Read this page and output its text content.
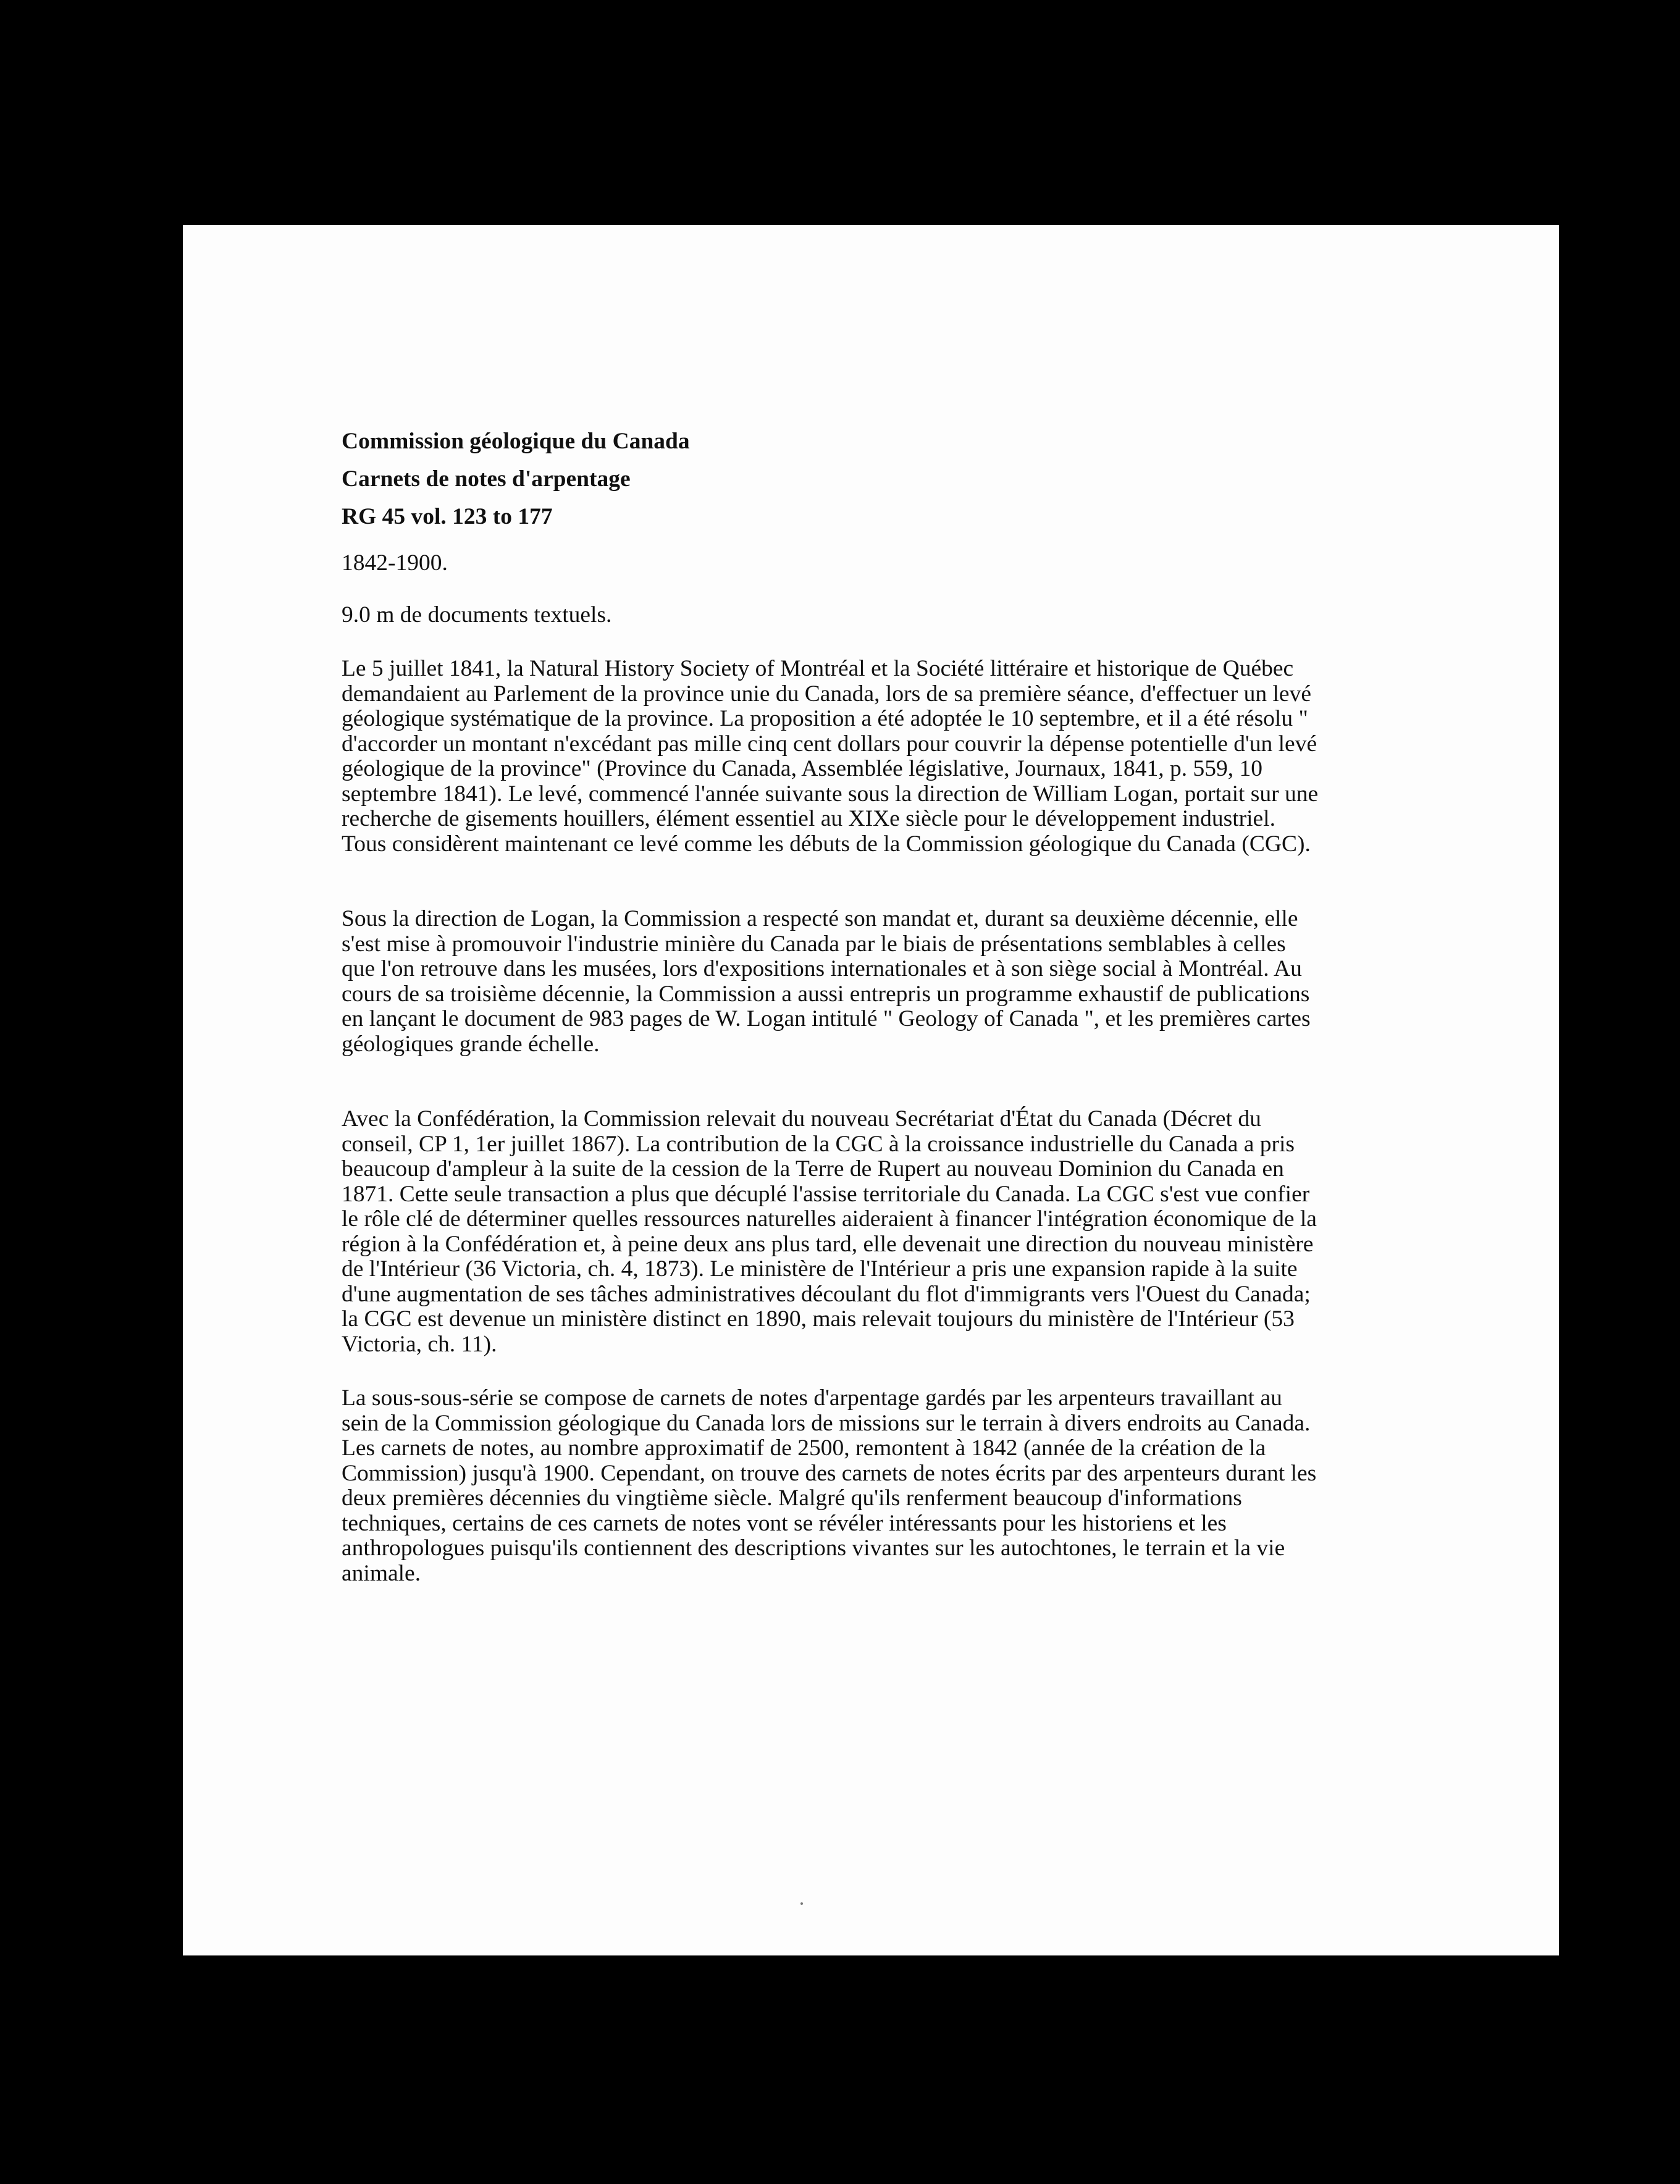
Commission géologique du Canada
Carnets de notes d'arpentage
RG 45 vol. 123 to 177
1842-1900.
9.0 m de documents textuels.
Le 5 juillet 1841, la Natural History Society of Montréal et la Société littéraire et historique de Québec
demandaient au Parlement de la province unie du Canada, lors de sa première séance, d'effectuer un levé
géologique systématique de la province. La proposition a été adoptée le 10 septembre, et il a été résolu "
d'accorder un montant n'excédant pas mille cinq cent dollars pour couvrir la dépense potentielle d'un levé
géologique de la province" (Province du Canada, Assemblée législative, Journaux, 1841, p. 559, 10
septembre 1841). Le levé, commencé l'année suivante sous la direction de William Logan, portait sur une
recherche de gisements houillers, élément essentiel au XIXe siècle pour le développement industriel.
Tous considèrent maintenant ce levé comme les débuts de la Commission géologique du Canada (CGC).
Sous la direction de Logan, la Commission a respecté son mandat et, durant sa deuxième décennie, elle
s'est mise à promouvoir l'industrie minière du Canada par le biais de présentations semblables à celles
que l'on retrouve dans les musées, lors d'expositions internationales et à son siège social à Montréal. Au
cours de sa troisième décennie, la Commission a aussi entrepris un programme exhaustif de publications
en lançant le document de 983 pages de W. Logan intitulé " Geology of Canada ", et les premières cartes
géologiques grande échelle.
Avec la Confédération, la Commission relevait du nouveau Secrétariat d'État du Canada (Décret du
conseil, CP 1, 1er juillet 1867). La contribution de la CGC à la croissance industrielle du Canada a pris
beaucoup d'ampleur à la suite de la cession de la Terre de Rupert au nouveau Dominion du Canada en
1871. Cette seule transaction a plus que décuplé l'assise territoriale du Canada. La CGC s'est vue confier
le rôle clé de déterminer quelles ressources naturelles aideraient à financer l'intégration économique de la
région à la Confédération et, à peine deux ans plus tard, elle devenait une direction du nouveau ministère
de l'Intérieur (36 Victoria, ch. 4, 1873). Le ministère de l'Intérieur a pris une expansion rapide à la suite
d'une augmentation de ses tâches administratives découlant du flot d'immigrants vers l'Ouest du Canada;
la CGC est devenue un ministère distinct en 1890, mais relevait toujours du ministère de l'Intérieur (53
Victoria, ch. 11).
La sous-sous-série se compose de carnets de notes d'arpentage gardés par les arpenteurs travaillant au
sein de la Commission géologique du Canada lors de missions sur le terrain à divers endroits au Canada.
Les carnets de notes, au nombre approximatif de 2500, remontent à 1842 (année de la création de la
Commission) jusqu'à 1900. Cependant, on trouve des carnets de notes écrits par des arpenteurs durant les
deux premières décennies du vingtième siècle. Malgré qu'ils renferment beaucoup d'informations
techniques, certains de ces carnets de notes vont se révéler intéressants pour les historiens et les
anthropologues puisqu'ils contiennent des descriptions vivantes sur les autochtones, le terrain et la vie
animale.
